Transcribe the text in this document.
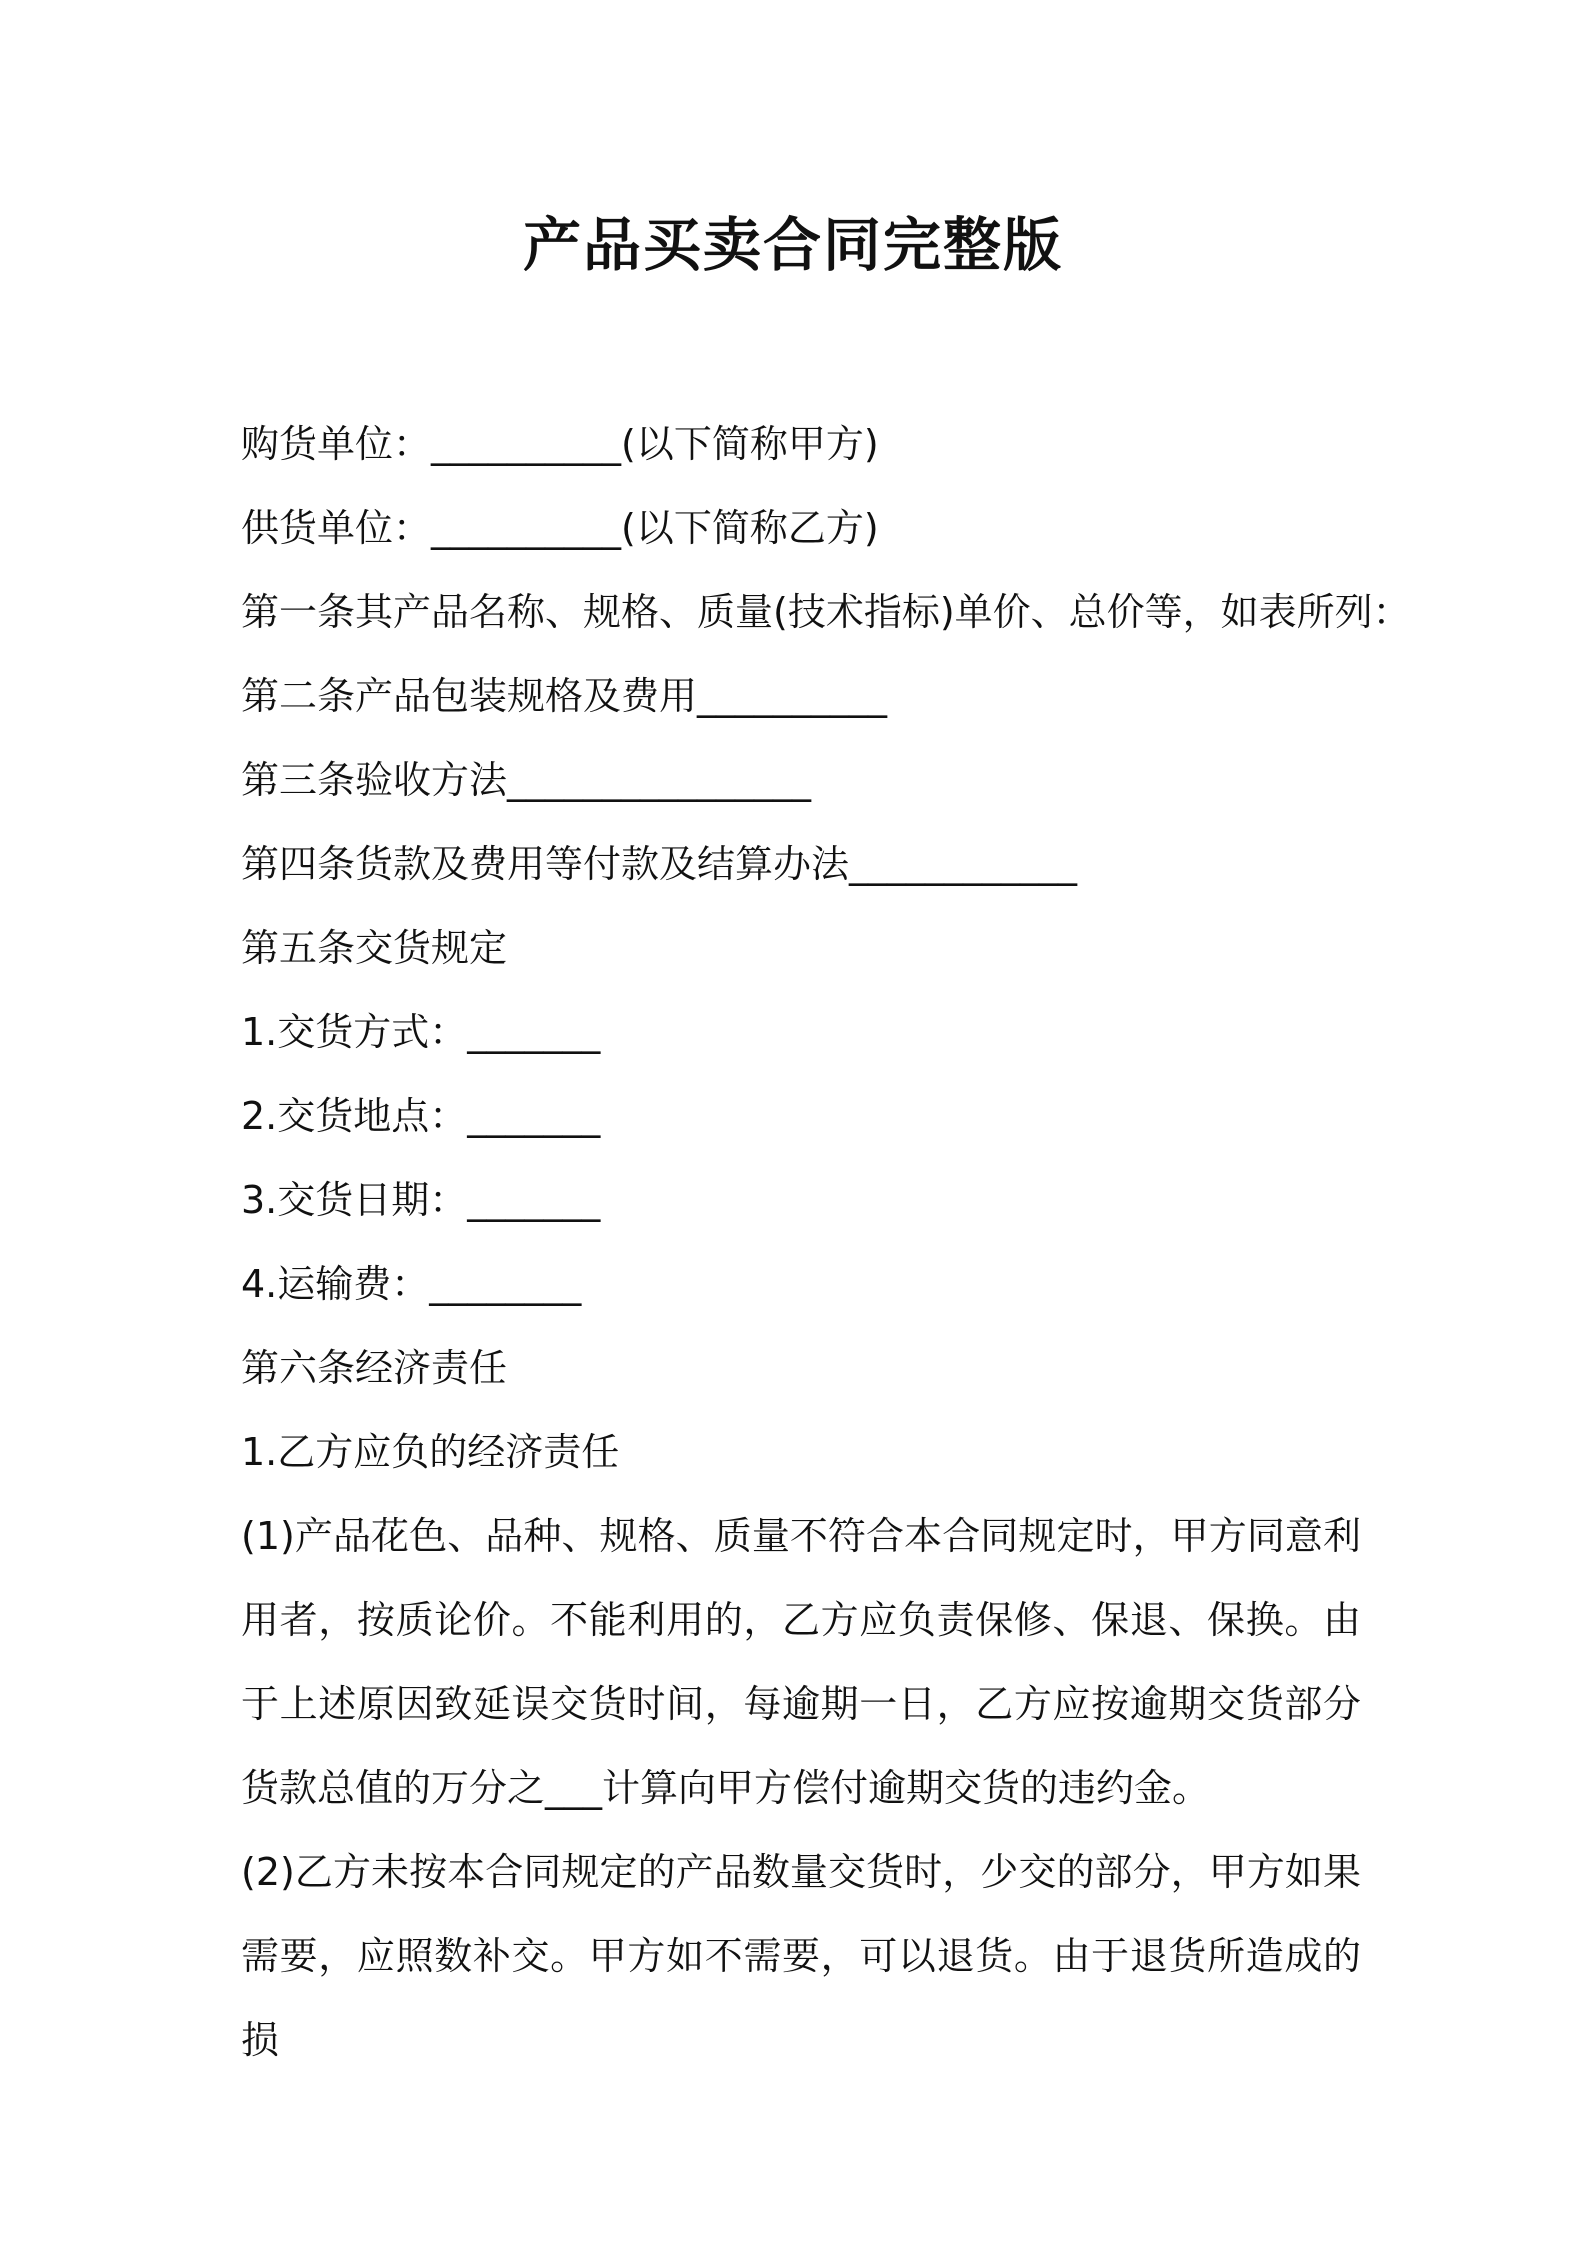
产品买卖合同完整版

购货单位：__________(以下简称甲方)

供货单位：__________(以下简称乙方)

第一条其产品名称、规格、质量(技术指标)单价、总价等，如表所列：

第二条产品包装规格及费用__________

第三条验收方法________________

第四条货款及费用等付款及结算办法____________

第五条交货规定

1.交货方式：_______

2.交货地点：_______

3.交货日期：_______

4.运输费：________

第六条经济责任

1.乙方应负的经济责任

(1)产品花色、品种、规格、质量不符合本合同规定时，甲方同意利用者，按质论价。不能利用的，乙方应负责保修、保退、保换。由于上述原因致延误交货时间，每逾期一日，乙方应按逾期交货部分货款总值的万分之___计算向甲方偿付逾期交货的违约金。

(2)乙方未按本合同规定的产品数量交货时，少交的部分，甲方如果需要，应照数补交。甲方如不需要，可以退货。由于退货所造成的损
